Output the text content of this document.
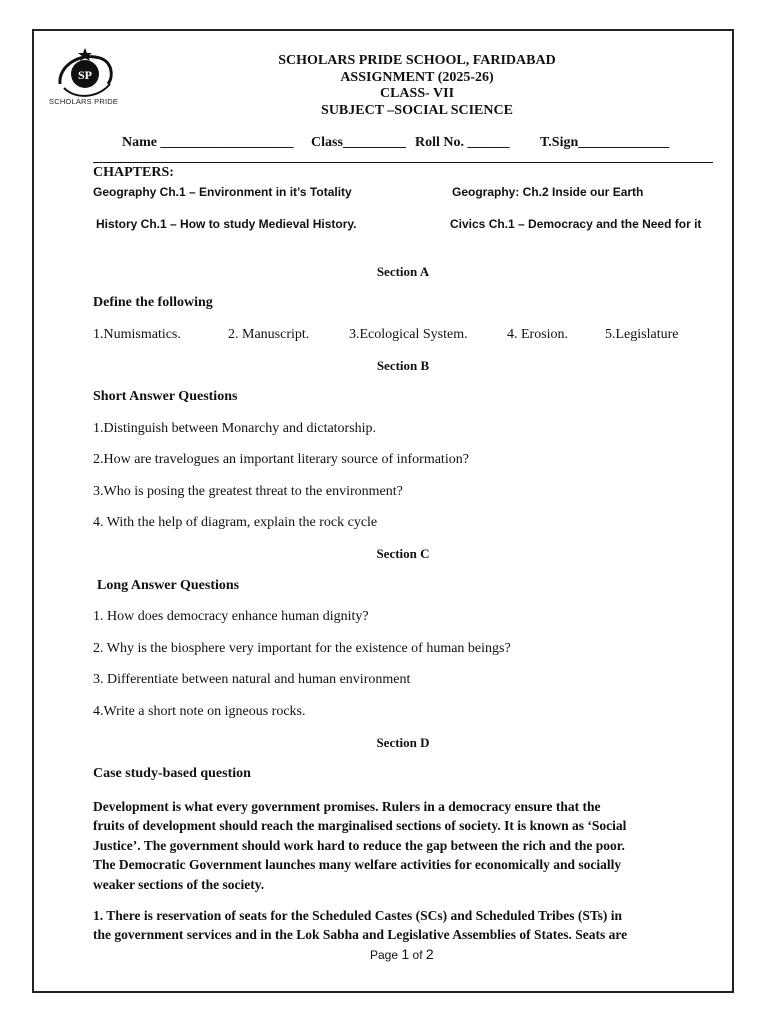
SP
SCHOLARS PRIDE
SCHOLARS PRIDE SCHOOL, FARIDABAD
ASSIGNMENT (2025-26)
CLASS- VII
SUBJECT –SOCIAL SCIENCE
Name ___________________ Class_________ Roll No. ______ T.Sign_____________
CHAPTERS:
Geography Ch.1 – Environment in it’s Totality	Geography: Ch.2 Inside our Earth
History Ch.1 – How to study Medieval History.	Civics Ch.1 – Democracy and the Need for it
Section A
Define the following
1.Numismatics.	2. Manuscript.	3.Ecological System.	4. Erosion.	5.Legislature
Section B
Short Answer Questions
1.Distinguish between Monarchy and dictatorship.
2.How are travelogues an important literary source of information?
3.Who is posing the greatest threat to the environment?
4. With the help of diagram, explain the rock cycle
Section C
Long Answer Questions
1. How does democracy enhance human dignity?
2. Why is the biosphere very important for the existence of human beings?
3. Differentiate between natural and human environment
4.Write a short note on igneous rocks.
Section D
Case study-based question
Development is what every government promises. Rulers in a democracy ensure that the
fruits of development should reach the marginalised sections of society. It is known as ‘Social
Justice’. The government should work hard to reduce the gap between the rich and the poor.
The Democratic Government launches many welfare activities for economically and socially
weaker sections of the society.
1. There is reservation of seats for the Scheduled Castes (SCs) and Scheduled Tribes (STs) in
the government services and in the Lok Sabha and Legislative Assemblies of States. Seats are
Page 1 of 2
